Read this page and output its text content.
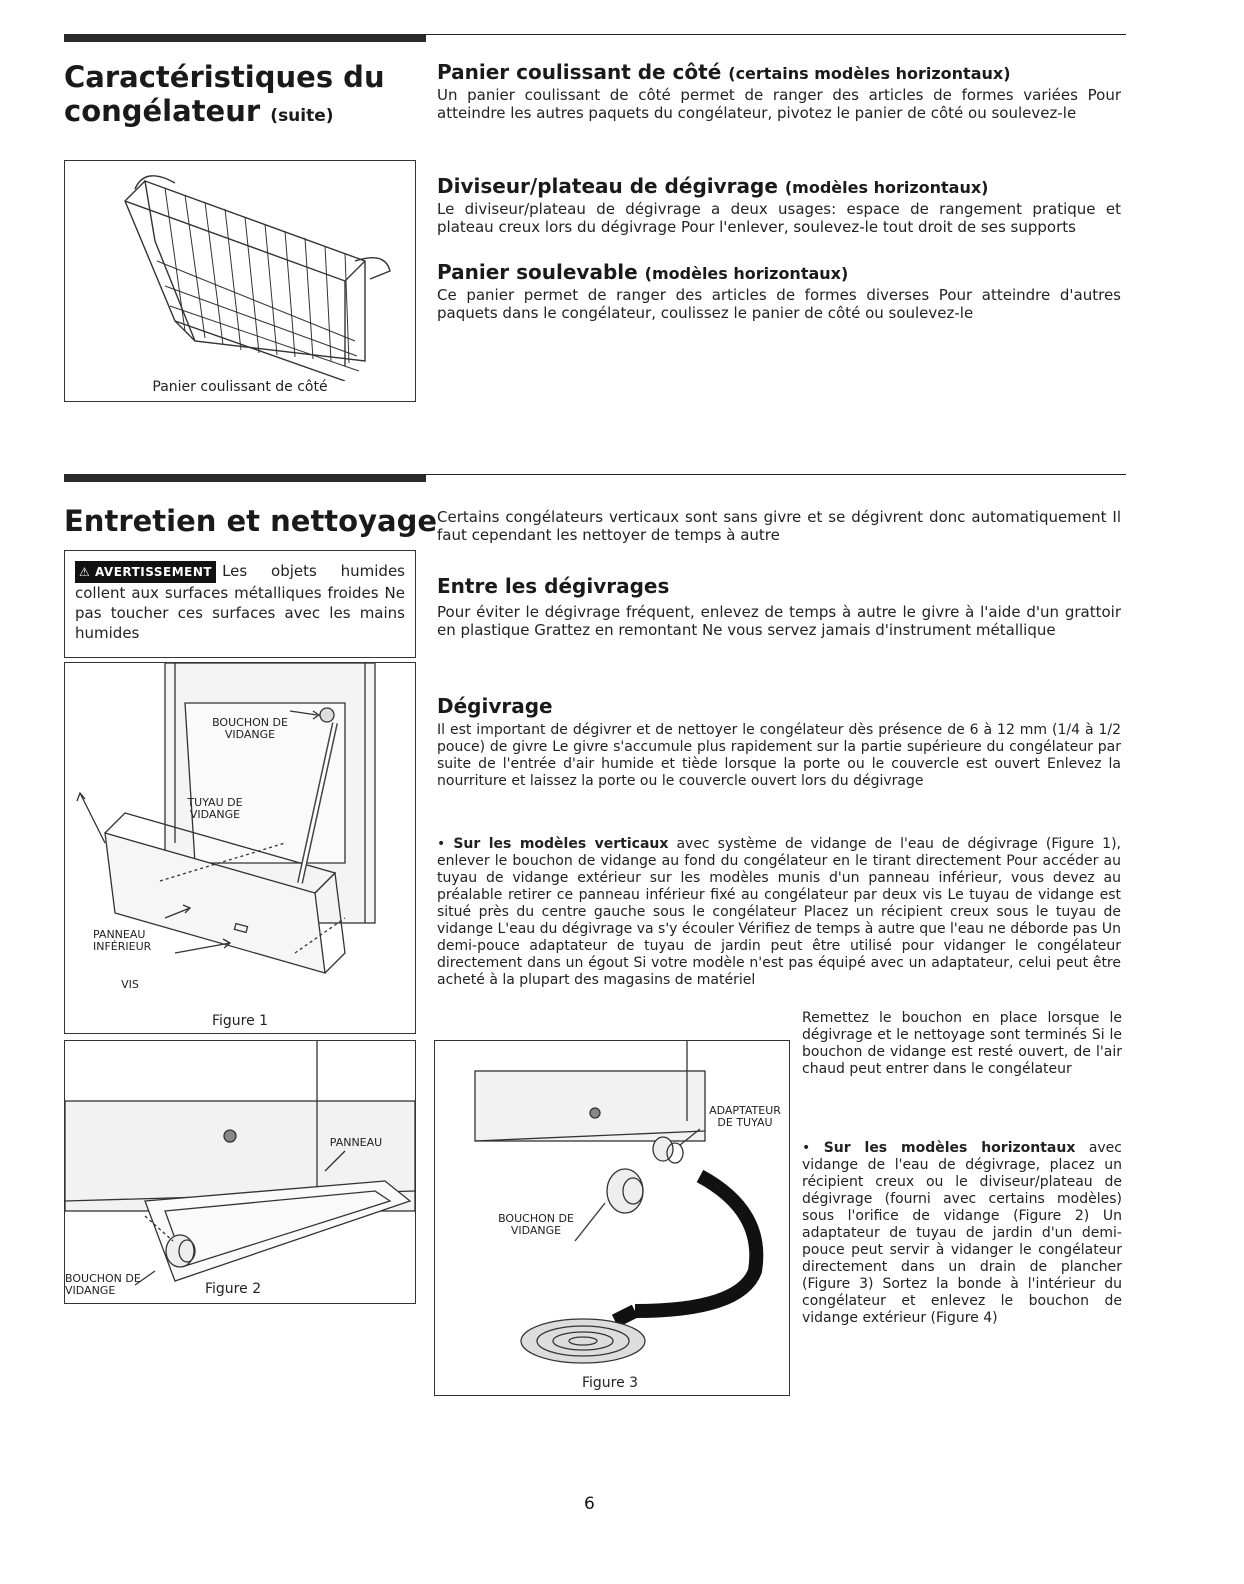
Caractéristiques du
congélateur (suite)
Panier coulissant de côté
Panier coulissant de côté (certains modèles horizontaux)
Un panier coulissant de côté permet de ranger des articles de formes variées Pour atteindre les autres paquets du congélateur, pivotez le panier de côté ou soulevez-le
Diviseur/plateau de dégivrage (modèles horizontaux)
Le diviseur/plateau de dégivrage a deux usages: espace de rangement pratique et plateau creux lors du dégivrage Pour l'enlever, soulevez-le tout droit de ses supports
Panier soulevable (modèles horizontaux)
Ce panier permet de ranger des articles de formes diverses Pour atteindre d'autres paquets dans le congélateur, coulissez le panier de côté ou soulevez-le
Entretien et nettoyage
⚠ AVERTISSEMENT Les objets humides collent aux surfaces métalliques froides Ne pas toucher ces surfaces avec les mains humides
BOUCHON DE VIDANGE
TUYAU DE VIDANGE
PANNEAU INFÉRIEUR
VIS
Figure 1
PANNEAU
BOUCHON DE VIDANGE	Figure 2
Certains congélateurs verticaux sont sans givre et se dégivrent donc automatiquement Il faut cependant les nettoyer de temps à autre
Entre les dégivrages
Pour éviter le dégivrage fréquent, enlevez de temps à autre le givre à l'aide d'un grattoir en plastique Grattez en remontant Ne vous servez jamais d'instrument métallique
Dégivrage
Il est important de dégivrer et de nettoyer le congélateur dès présence de 6 à 12 mm (1/4 à 1/2 pouce) de givre Le givre s'accumule plus rapidement sur la partie supérieure du congélateur par suite de l'entrée d'air humide et tiède lorsque la porte ou le couvercle est ouvert Enlevez la nourriture et laissez la porte ou le couvercle ouvert lors du dégivrage
• Sur les modèles verticaux avec système de vidange de l'eau de dégivrage (Figure 1), enlever le bouchon de vidange au fond du congélateur en le tirant directement Pour accéder au tuyau de vidange extérieur sur les modèles munis d'un panneau inférieur, vous devez au préalable retirer ce panneau inférieur fixé au congélateur par deux vis Le tuyau de vidange est situé près du centre gauche sous le congélateur Placez un récipient creux sous le tuyau de vidange L'eau du dégivrage va s'y écouler Vérifiez de temps à autre que l'eau ne déborde pas Un demi-pouce adaptateur de tuyau de jardin peut être utilisé pour vidanger le congélateur directement dans un égout Si votre modèle n'est pas équipé avec un adaptateur, celui peut être acheté à la plupart des magasins de matériel
ADAPTATEUR DE TUYAU
BOUCHON DE VIDANGE
Figure 3
Remettez le bouchon en place lorsque le dégivrage et le nettoyage sont terminés Si le bouchon de vidange est resté ouvert, de l'air chaud peut entrer dans le congélateur
• Sur les modèles horizontaux avec vidange de l'eau de dégivrage, placez un récipient creux ou le diviseur/plateau de dégivrage (fourni avec certains modèles) sous l'orifice de vidange (Figure 2) Un adaptateur de tuyau de jardin d'un demi-pouce peut servir à vidanger le congélateur directement dans un drain de plancher (Figure 3) Sortez la bonde à l'intérieur du congélateur et enlevez le bouchon de vidange extérieur (Figure 4)
6
